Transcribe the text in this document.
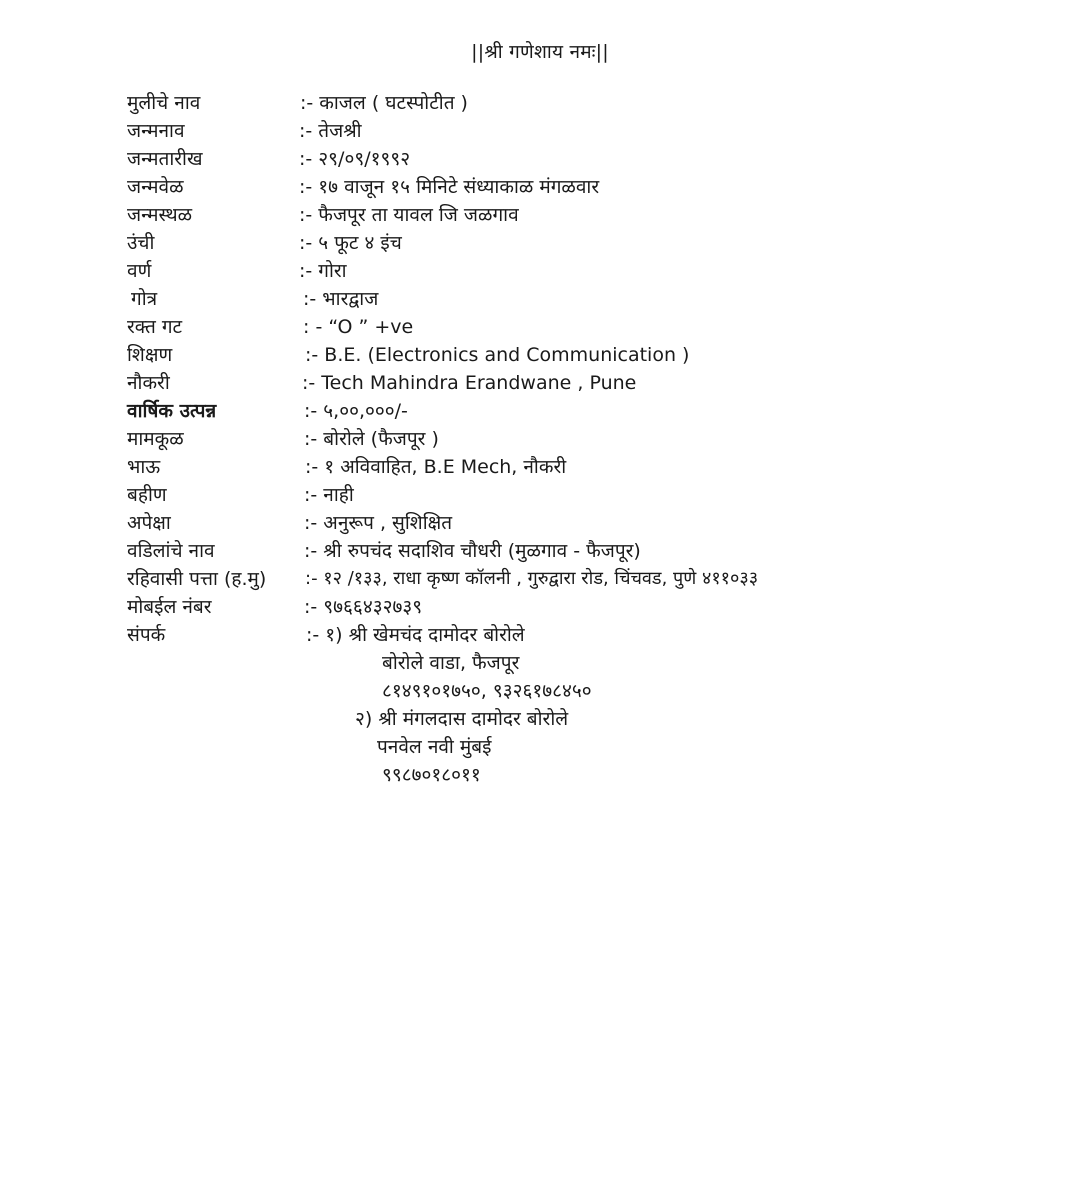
||श्री गणेशाय नमः||
मुलीचे नाव	:- काजल ( घटस्पोटीत )
जन्मनाव	:- तेजश्री
जन्मतारीख	:- २९/०९/१९९२
जन्मवेळ	:- १७ वाजून १५ मिनिटे संध्याकाळ मंगळवार
जन्मस्थळ	:- फैजपूर ता यावल जि जळगाव
उंची	:- ५ फूट ४ इंच
वर्ण	:- गोरा
गोत्र	:- भारद्वाज
रक्त गट	: - “O ” +ve
शिक्षण	:- B.E. (Electronics and Communication )
नौकरी	:- Tech Mahindra Erandwane , Pune
वार्षिक उत्पन्न	:- ५,००,०००/-
मामकूळ	:- बोरोले (फैजपूर )
भाऊ	:- १ अविवाहित, B.E Mech, नौकरी
बहीण	:- नाही
अपेक्षा	:- अनुरूप , सुशिक्षित
वडिलांचे नाव	:- श्री रुपचंद सदाशिव चौधरी (मुळगाव - फैजपूर)
रहिवासी पत्ता (ह.मु) :- १२ /१३३, राधा कृष्ण कॉलनी , गुरुद्वारा रोड, चिंचवड, पुणे ४११०३३
मोबईल नंबर	:- ९७६६४३२७३९
संपर्क	:- १) श्री खेमचंद दामोदर बोरोले
बोरोले वाडा, फैजपूर
८१४९१०१७५०, ९३२६१७८४५०
२) श्री मंगलदास दामोदर बोरोले
पनवेल नवी मुंबई
९९८७०१८०११
